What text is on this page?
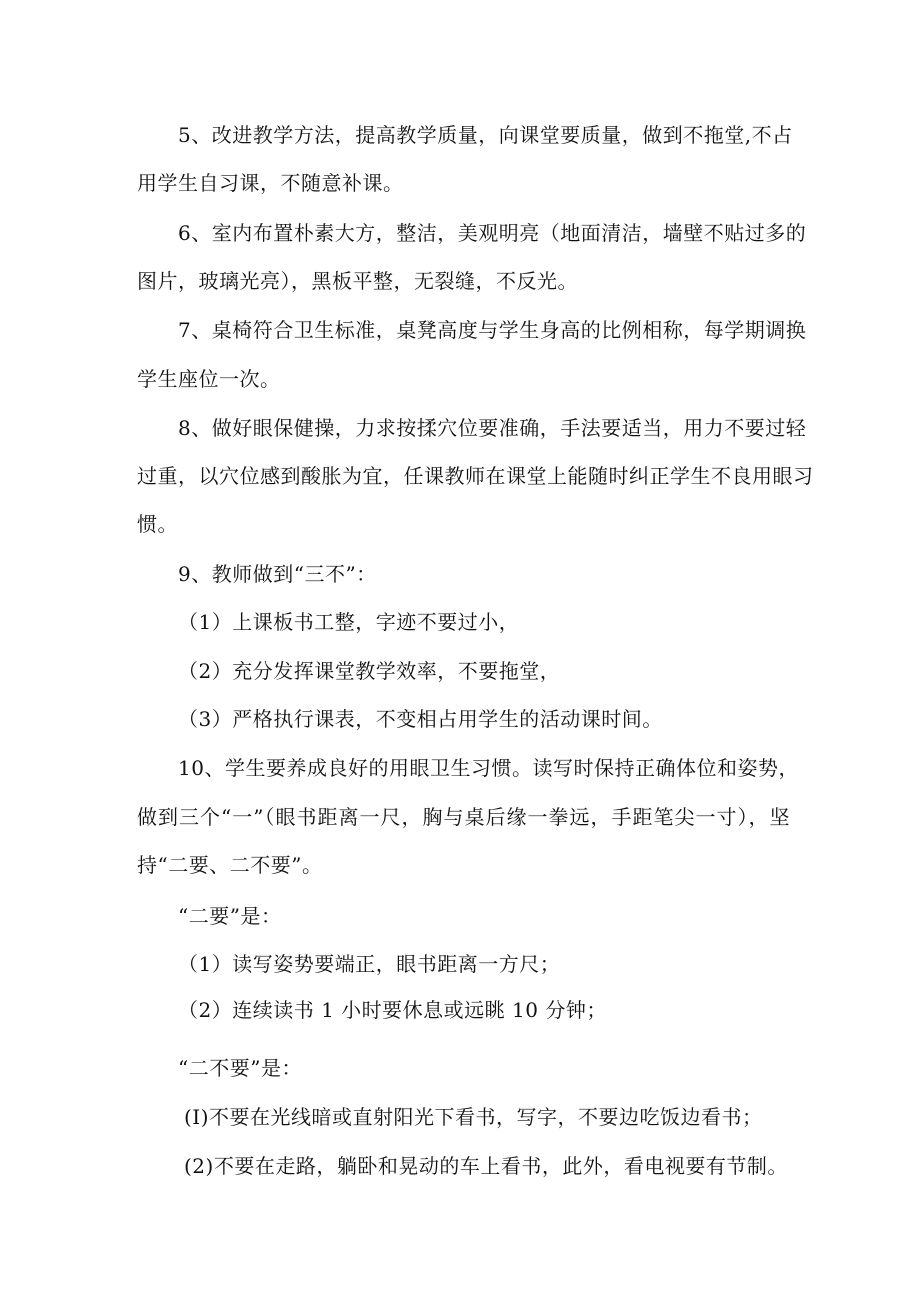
5、改进教学方法，提高教学质量，向课堂要质量，做到不拖堂,不占
用学生自习课，不随意补课。
6、室内布置朴素大方，整洁，美观明亮（地面清洁，墙壁不贴过多的
图片，玻璃光亮），黑板平整，无裂缝，不反光。
7、桌椅符合卫生标准，桌凳高度与学生身高的比例相称，每学期调换
学生座位一次。
8、做好眼保健操，力求按揉穴位要准确，手法要适当，用力不要过轻
过重，以穴位感到酸胀为宜，任课教师在课堂上能随时纠正学生不良用眼习
惯。
9、教师做到“三不”：
（1）上课板书工整，字迹不要过小，
（2）充分发挥课堂教学效率，不要拖堂，
（3）严格执行课表，不变相占用学生的活动课时间。
10、学生要养成良好的用眼卫生习惯。读写时保持正确体位和姿势，
做到三个“一”（眼书距离一尺，胸与桌后缘一拳远，手距笔尖一寸），坚
持“二要、二不要”。
“二要”是：
（1）读写姿势要端正，眼书距离一方尺；
（2）连续读书 1 小时要休息或远眺 10 分钟；
“二不要”是：
(I)不要在光线暗或直射阳光下看书，写字，不要边吃饭边看书；
(2)不要在走路，躺卧和晃动的车上看书，此外，看电视要有节制。
